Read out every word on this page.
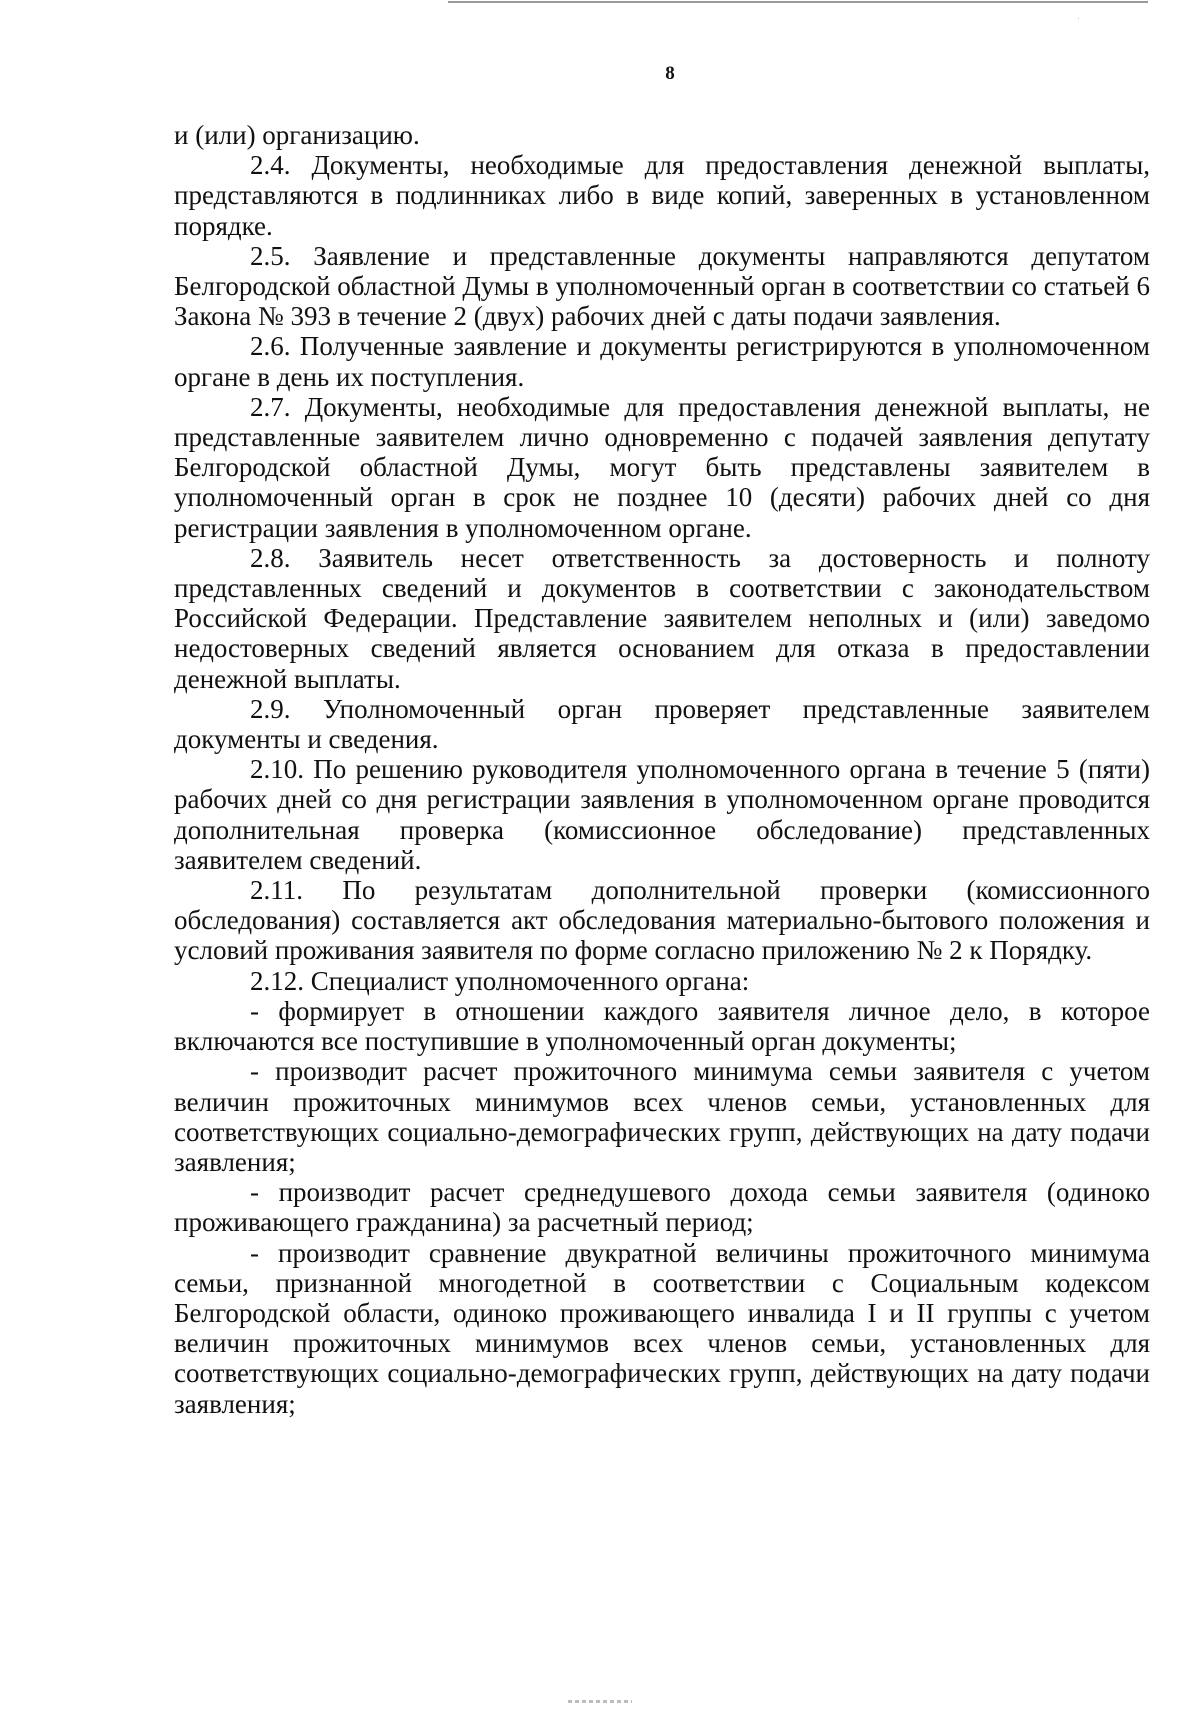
8

и (или) организацию.

2.4. Документы, необходимые для предоставления денежной выплаты, представляются в подлинниках либо в виде копий, заверенных в установленном порядке.

2.5. Заявление и представленные документы направляются депутатом Белгородской областной Думы в уполномоченный орган в соответствии со статьей 6 Закона № 393 в течение 2 (двух) рабочих дней с даты подачи заявления.

2.6. Полученные заявление и документы регистрируются в уполномоченном органе в день их поступления.

2.7. Документы, необходимые для предоставления денежной выплаты, не представленные заявителем лично одновременно с подачей заявления депутату Белгородской областной Думы, могут быть представлены заявителем в уполномоченный орган в срок не позднее 10 (десяти) рабочих дней со дня регистрации заявления в уполномоченном органе.

2.8. Заявитель несет ответственность за достоверность и полноту представленных сведений и документов в соответствии с законодательством Российской Федерации. Представление заявителем неполных и (или) заведомо недостоверных сведений является основанием для отказа в предоставлении денежной выплаты.

2.9. Уполномоченный орган проверяет представленные заявителем документы и сведения.

2.10. По решению руководителя уполномоченного органа в течение 5 (пяти) рабочих дней со дня регистрации заявления в уполномоченном органе проводится дополнительная проверка (комиссионное обследование) представленных заявителем сведений.

2.11. По результатам дополнительной проверки (комиссионного обследования) составляется акт обследования материально-бытового положения и условий проживания заявителя по форме согласно приложению № 2 к Порядку.

2.12. Специалист уполномоченного органа:

- формирует в отношении каждого заявителя личное дело, в которое включаются все поступившие в уполномоченный орган документы;

- производит расчет прожиточного минимума семьи заявителя с учетом величин прожиточных минимумов всех членов семьи, установленных для соответствующих социально-демографических групп, действующих на дату подачи заявления;

- производит расчет среднедушевого дохода семьи заявителя (одиноко проживающего гражданина) за расчетный период;

- производит сравнение двукратной величины прожиточного минимума семьи, признанной многодетной в соответствии с Социальным кодексом Белгородской области, одиноко проживающего инвалида I и II группы с учетом величин прожиточных минимумов всех членов семьи, установленных для соответствующих социально-демографических групп, действующих на дату подачи заявления;
